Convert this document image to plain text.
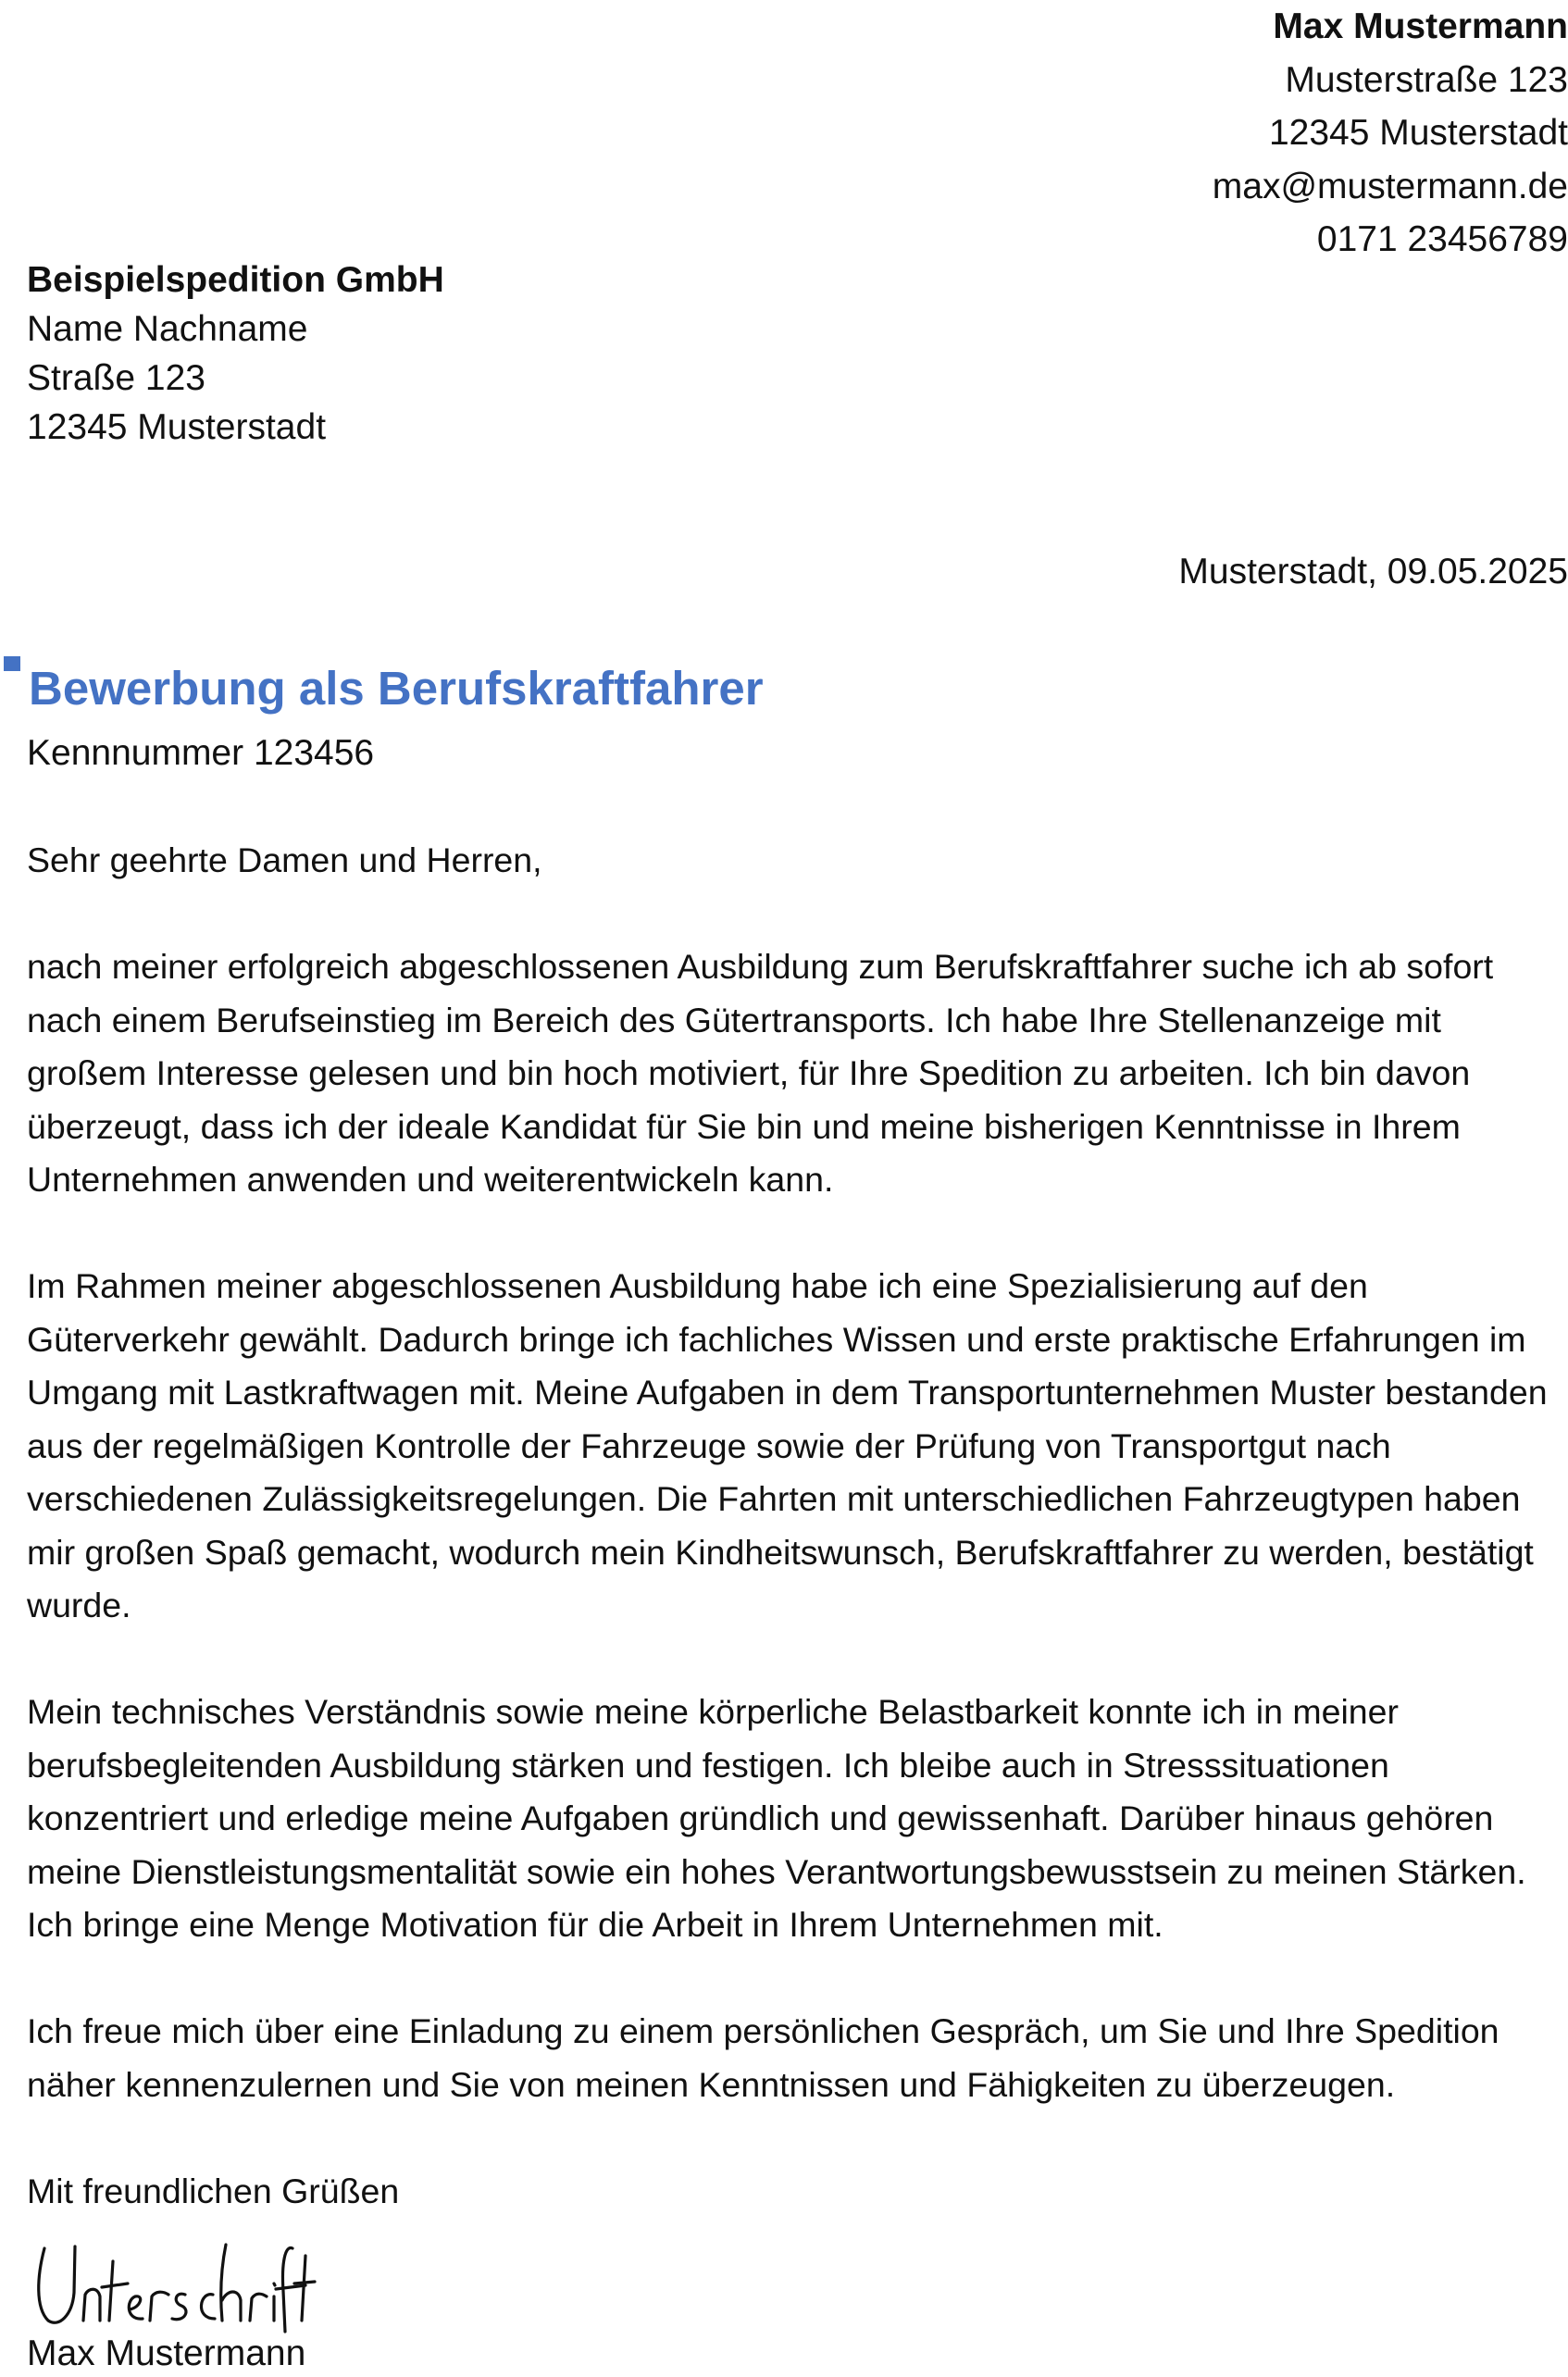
Max Mustermann
Musterstraße 123
12345 Musterstadt
max@mustermann.de
0171 23456789
Beispielspedition GmbH
Name Nachname
Straße 123
12345 Musterstadt
Musterstadt, 09.05.2025
Bewerbung als Berufskraftfahrer
Kennnummer 123456

Sehr geehrte Damen und Herren,

nach meiner erfolgreich abgeschlossenen Ausbildung zum Berufskraftfahrer suche ich ab sofort nach einem Berufseinstieg im Bereich des Gütertransports. Ich habe Ihre Stellenanzeige mit großem Interesse gelesen und bin hoch motiviert, für Ihre Spedition zu arbeiten. Ich bin davon überzeugt, dass ich der ideale Kandidat für Sie bin und meine bisherigen Kenntnisse in Ihrem Unternehmen anwenden und weiterentwickeln kann.

Im Rahmen meiner abgeschlossenen Ausbildung habe ich eine Spezialisierung auf den Güterverkehr gewählt. Dadurch bringe ich fachliches Wissen und erste praktische Erfahrungen im Umgang mit Lastkraftwagen mit. Meine Aufgaben in dem Transportunternehmen Muster bestanden aus der regelmäßigen Kontrolle der Fahrzeuge sowie der Prüfung von Transportgut nach verschiedenen Zulässigkeitsregelungen. Die Fahrten mit unterschiedlichen Fahrzeugtypen haben mir großen Spaß gemacht, wodurch mein Kindheitswunsch, Berufskraftfahrer zu werden, bestätigt wurde.

Mein technisches Verständnis sowie meine körperliche Belastbarkeit konnte ich in meiner berufsbegleitenden Ausbildung stärken und festigen. Ich bleibe auch in Stresssituationen konzentriert und erledige meine Aufgaben gründlich und gewissenhaft. Darüber hinaus gehören meine Dienstleistungsmentalität sowie ein hohes Verantwortungsbewusstsein zu meinen Stärken. Ich bringe eine Menge Motivation für die Arbeit in Ihrem Unternehmen mit.

Ich freue mich über eine Einladung zu einem persönlichen Gespräch, um Sie und Ihre Spedition näher kennenzulernen und Sie von meinen Kenntnissen und Fähigkeiten zu überzeugen.

Mit freundlichen Grüßen

Max Mustermann
